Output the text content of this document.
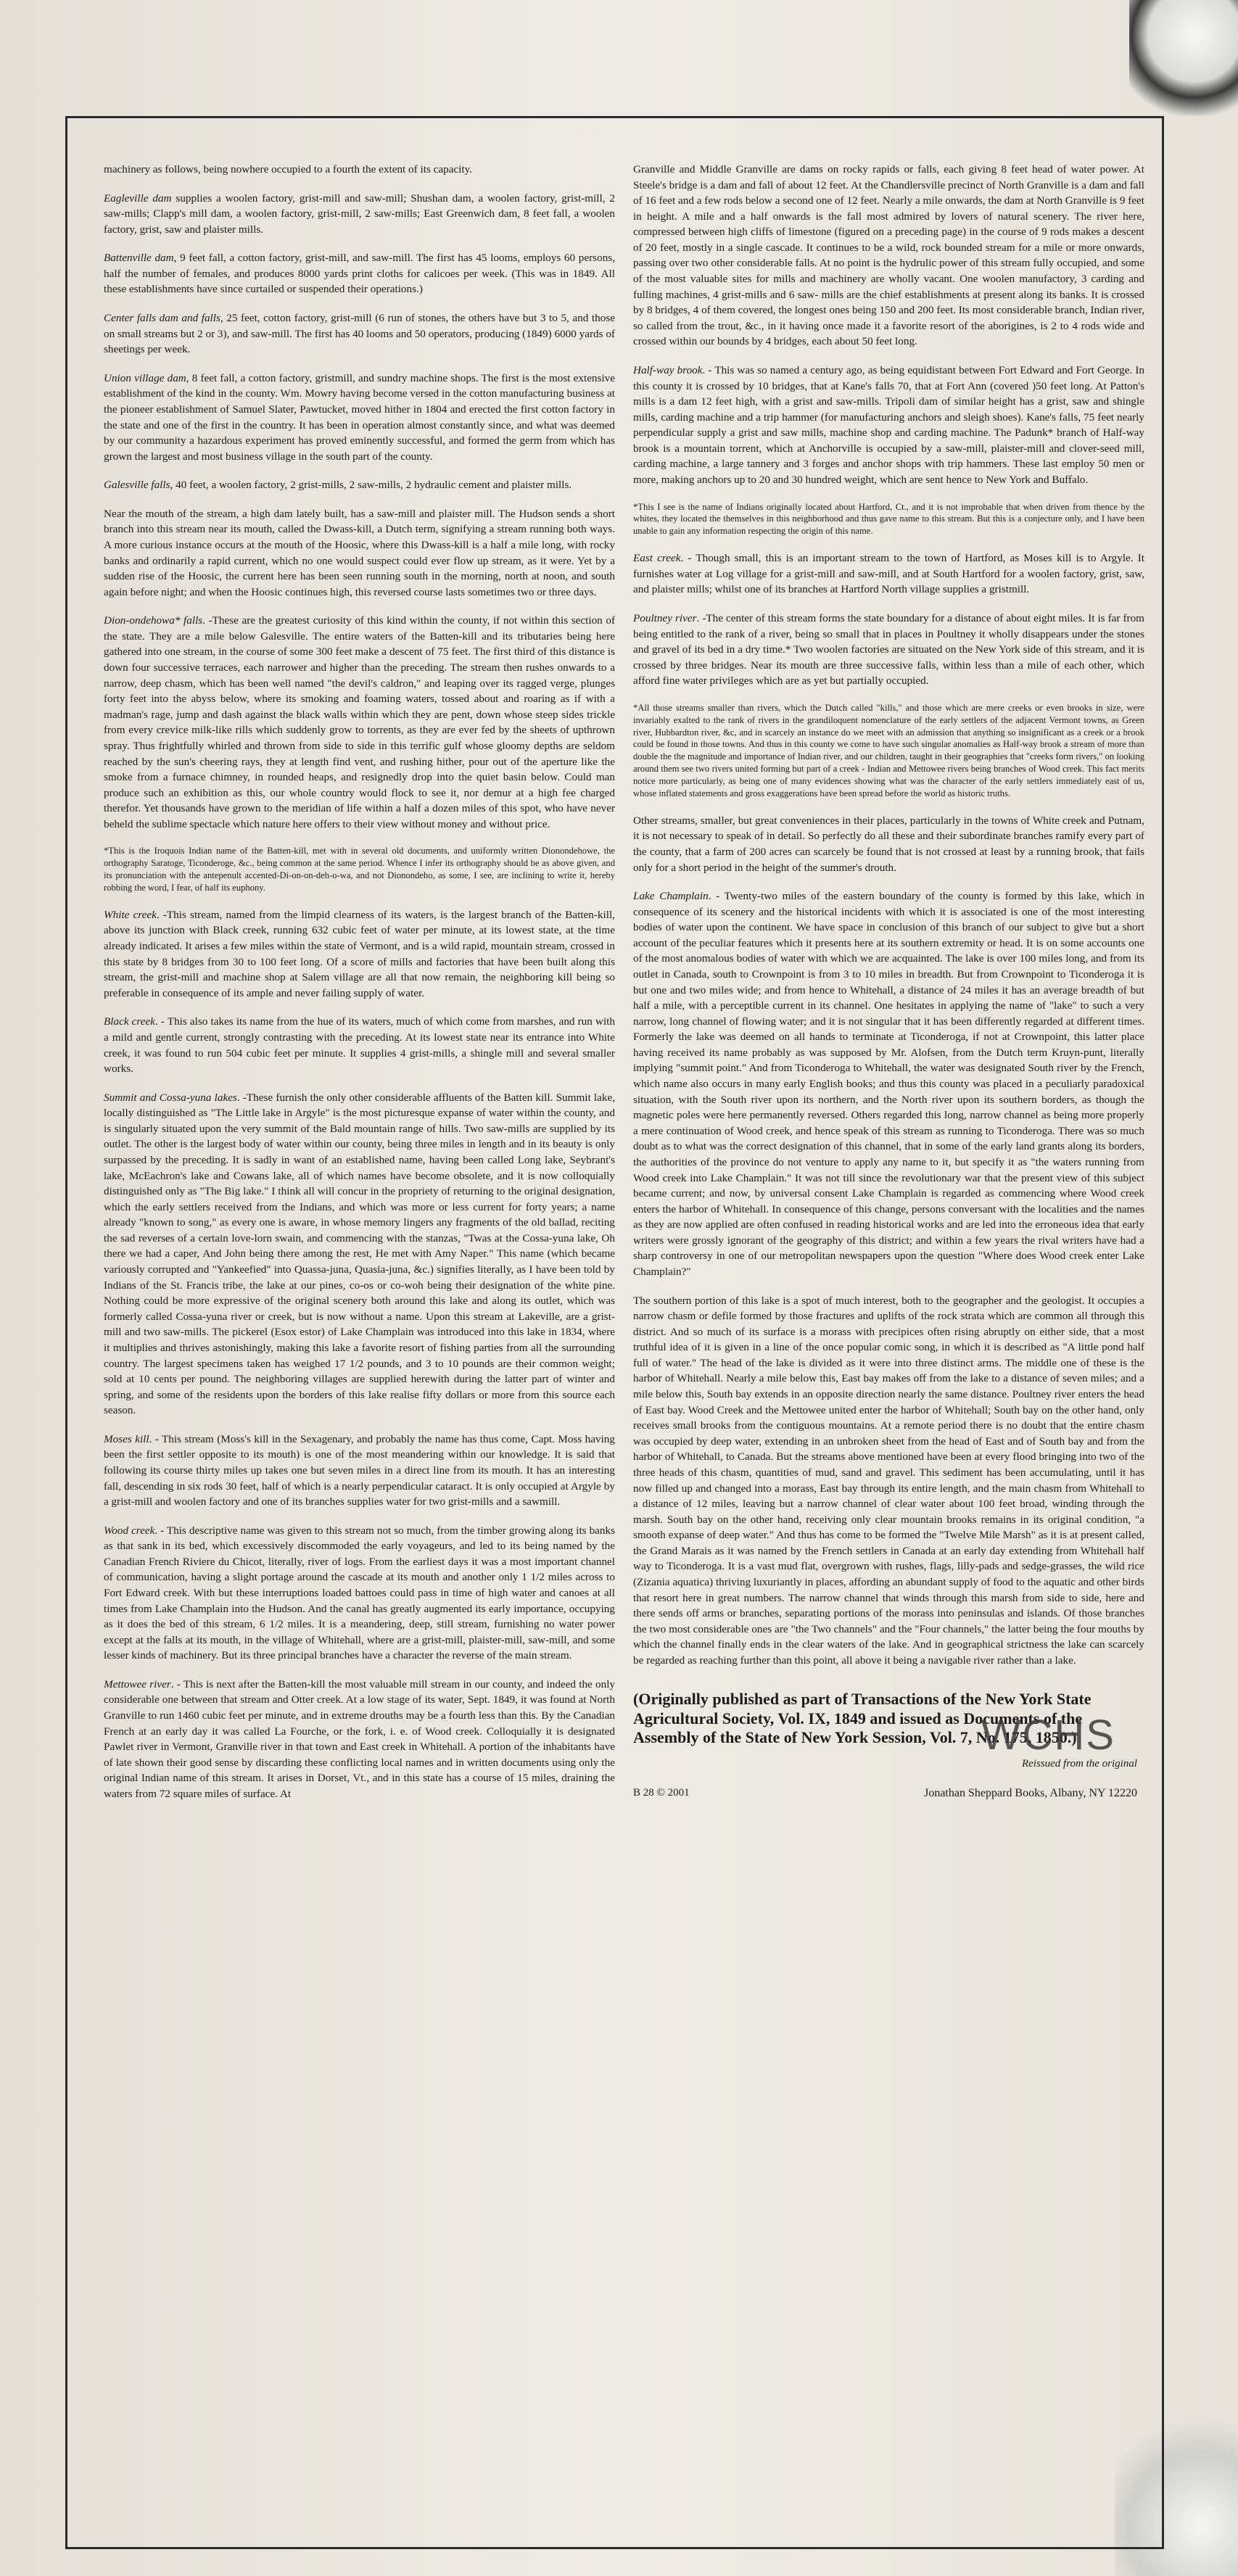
machinery as follows, being nowhere occupied to a fourth the extent of its capacity.

Eagleville dam supplies a woolen factory, grist-mill and saw-mill; Shushan dam, a woolen factory, grist-mill, 2 saw-mills; Clapp's mill dam, a woolen factory, grist-mill, 2 saw-mills; East Greenwich dam, 8 feet fall, a woolen factory, grist, saw and plaister mills.

Battenville dam, 9 feet fall, a cotton factory, grist-mill, and saw-mill. The first has 45 looms, employs 60 persons, half the number of females, and produces 8000 yards print cloths for calicoes per week. (This was in 1849. All these establishments have since curtailed or suspended their operations.)

Center falls dam and falls, 25 feet, cotton factory, grist-mill (6 run of stones, the others have but 3 to 5, and those on small streams but 2 or 3), and saw-mill. The first has 40 looms and 50 operators, producing (1849) 6000 yards of sheetings per week.

Union village dam, 8 feet fall, a cotton factory, gristmill, and sundry machine shops. The first is the most extensive establishment of the kind in the county. Wm. Mowry having become versed in the cotton manufacturing business at the pioneer establishment of Samuel Slater, Pawtucket, moved hither in 1804 and erected the first cotton factory in the state and one of the first in the country. It has been in operation almost constantly since, and what was deemed by our community a hazardous experiment has proved eminently successful, and formed the germ from which has grown the largest and most business village in the south part of the county.

Galesville falls, 40 feet, a woolen factory, 2 grist-mills, 2 saw-mills, 2 hydraulic cement and plaister mills.

Near the mouth of the stream, a high dam lately built, has a saw-mill and plaister mill. The Hudson sends a short branch into this stream near its mouth, called the Dwass-kill, a Dutch term, signifying a stream running both ways. A more curious instance occurs at the mouth of the Hoosic, where this Dwass-kill is a half a mile long, with rocky banks and ordinarily a rapid current, which no one would suspect could ever flow up stream, as it were. Yet by a sudden rise of the Hoosic, the current here has been seen running south in the morning, north at noon, and south again before night; and when the Hoosic continues high, this reversed course lasts sometimes two or three days.

Dion-ondehowa* falls. -These are the greatest curiosity of this kind within the county, if not within this section of the state. They are a mile below Galesville. The entire waters of the Batten-kill and its tributaries being here gathered into one stream, in the course of some 300 feet make a descent of 75 feet. The first third of this distance is down four successive terraces, each narrower and higher than the preceding. The stream then rushes onwards to a narrow, deep chasm, which has been well named "the devil's caldron," and leaping over its ragged verge, plunges forty feet into the abyss below, where its smoking and foaming waters, tossed about and roaring as if with a madman's rage, jump and dash against the black walls within which they are pent, down whose steep sides trickle from every crevice milk-like rills which suddenly grow to torrents, as they are ever fed by the sheets of upthrown spray. Thus frightfully whirled and thrown from side to side in this terrific gulf whose gloomy depths are seldom reached by the sun's cheering rays, they at length find vent, and rushing hither, pour out of the aperture like the smoke from a furnace chimney, in rounded heaps, and resignedly drop into the quiet basin below. Could man produce such an exhibition as this, our whole country would flock to see it, nor demur at a high fee charged therefor. Yet thousands have grown to the meridian of life within a half a dozen miles of this spot, who have never beheld the sublime spectacle which nature here offers to their view without money and without price.

*This is the Iroquois Indian name of the Batten-kill, met with in several old documents, and uniformly written Dionondehowe, the orthography Saratoge, Ticonderoge, &c., being common at the same period. Whence I infer its orthography should be as above given, and its pronunciation with the antepenult accented-Di-on-on-deh-o-wa, and not Dionondeho, as some, I see, are inclining to write it, hereby robbing the word, I fear, of half its euphony.

White creek. -This stream, named from the limpid clearness of its waters, is the largest branch of the Batten-kill, above its junction with Black creek, running 632 cubic feet of water per minute, at its lowest state, at the time already indicated. It arises a few miles within the state of Vermont, and is a wild rapid, mountain stream, crossed in this state by 8 bridges from 30 to 100 feet long. Of a score of mills and factories that have been built along this stream, the grist-mill and machine shop at Salem village are all that now remain, the neighboring kill being so preferable in consequence of its ample and never failing supply of water.

Black creek. - This also takes its name from the hue of its waters, much of which come from marshes, and run with a mild and gentle current, strongly contrasting with the preceding. At its lowest state near its entrance into White creek, it was found to run 504 cubic feet per minute. It supplies 4 grist-mills, a shingle mill and several smaller works.

Summit and Cossa-yuna lakes. -These furnish the only other considerable affluents of the Batten kill. Summit lake, locally distinguished as "The Little lake in Argyle" is the most picturesque expanse of water within the county, and is singularly situated upon the very summit of the Bald mountain range of hills. Two saw-mills are supplied by its outlet. The other is the largest body of water within our county, being three miles in length and in its beauty is only surpassed by the preceding. It is sadly in want of an established name, having been called Long lake, Seybrant's lake, McEachron's lake and Cowans lake, all of which names have become obsolete, and it is now colloquially distinguished only as "The Big lake." I think all will concur in the propriety of returning to the original designation, which the early settlers received from the Indians, and which was more or less current for forty years; a name already "known to song," as every one is aware, in whose memory lingers any fragments of the old ballad, reciting the sad reverses of a certain love-lorn swain, and commencing with the stanzas, "Twas at the Cossa-yuna lake, Oh there we had a caper, And John being there among the rest, He met with Amy Naper." This name (which became variously corrupted and "Yankeefied" into Quassa-juna, Quasia-juna, &c.) signifies literally, as I have been told by Indians of the St. Francis tribe, the lake at our pines, co-os or co-woh being their designation of the white pine. Nothing could be more expressive of the original scenery both around this lake and along its outlet, which was formerly called Cossa-yuna river or creek, but is now without a name. Upon this stream at Lakeville, are a grist-mill and two saw-mills. The pickerel (Esox estor) of Lake Champlain was introduced into this lake in 1834, where it multiplies and thrives astonishingly, making this lake a favorite resort of fishing parties from all the surrounding country. The largest specimens taken has weighed 17 1/2 pounds, and 3 to 10 pounds are their common weight; sold at 10 cents per pound. The neighboring villages are supplied herewith during the latter part of winter and spring, and some of the residents upon the borders of this lake realise fifty dollars or more from this source each season.

Moses kill. - This stream (Moss's kill in the Sexagenary, and probably the name has thus come, Capt. Moss having been the first settler opposite to its mouth) is one of the most meandering within our knowledge. It is said that following its course thirty miles up takes one but seven miles in a direct line from its mouth. It has an interesting fall, descending in six rods 30 feet, half of which is a nearly perpendicular cataract. It is only occupied at Argyle by a grist-mill and woolen factory and one of its branches supplies water for two grist-mills and a sawmill.

Wood creek. - This descriptive name was given to this stream not so much, from the timber growing along its banks as that sank in its bed, which excessively discommoded the early voyageurs, and led to its being named by the Canadian French Riviere du Chicot, literally, river of logs. From the earliest days it was a most important channel of communication, having a slight portage around the cascade at its mouth and another only 1 1/2 miles across to Fort Edward creek. With but these interruptions loaded battoes could pass in time of high water and canoes at all times from Lake Champlain into the Hudson. And the canal has greatly augmented its early importance, occupying as it does the bed of this stream, 6 1/2 miles. It is a meandering, deep, still stream, furnishing no water power except at the falls at its mouth, in the village of Whitehall, where are a grist-mill, plaister-mill, saw-mill, and some lesser kinds of machinery. But its three principal branches have a character the reverse of the main stream.

Mettowee river. - This is next after the Batten-kill the most valuable mill stream in our county, and indeed the only considerable one between that stream and Otter creek. At a low stage of its water, Sept. 1849, it was found at North Granville to run 1460 cubic feet per minute, and in extreme drouths may be a fourth less than this. By the Canadian French at an early day it was called La Fourche, or the fork, i. e. of Wood creek. Colloquially it is designated Pawlet river in Vermont, Granville river in that town and East creek in Whitehall. A portion of the inhabitants have of late shown their good sense by discarding these conflicting local names and in written documents using only the original Indian name of this stream. It arises in Dorset, Vt., and in this state has a course of 15 miles, draining the waters from 72 square miles of surface. At

Granville and Middle Granville are dams on rocky rapids or falls, each giving 8 feet head of water power. At Steele's bridge is a dam and fall of about 12 feet. At the Chandlersville precinct of North Granville is a dam and fall of 16 feet and a few rods below a second one of 12 feet. Nearly a mile onwards, the dam at North Granville is 9 feet in height. A mile and a half onwards is the fall most admired by lovers of natural scenery. The river here, compressed between high cliffs of limestone (figured on a preceding page) in the course of 9 rods makes a descent of 20 feet, mostly in a single cascade. It continues to be a wild, rock bounded stream for a mile or more onwards, passing over two other considerable falls. At no point is the hydrulic power of this stream fully occupied, and some of the most valuable sites for mills and machinery are wholly vacant. One woolen manufactory, 3 carding and fulling machines, 4 grist-mills and 6 saw- mills are the chief establishments at present along its banks. It is crossed by 8 bridges, 4 of them covered, the longest ones being 150 and 200 feet. Its most considerable branch, Indian river, so called from the trout, &c., in it having once made it a favorite resort of the aborigines, is 2 to 4 rods wide and crossed within our bounds by 4 bridges, each about 50 feet long.

Half-way brook. - This was so named a century ago, as being equidistant between Fort Edward and Fort George. In this county it is crossed by 10 bridges, that at Kane's falls 70, that at Fort Ann (covered )50 feet long. At Patton's mills is a dam 12 feet high, with a grist and saw-mills. Tripoli dam of similar height has a grist, saw and shingle mills, carding machine and a trip hammer (for manufacturing anchors and sleigh shoes). Kane's falls, 75 feet nearly perpendicular supply a grist and saw mills, machine shop and carding machine. The Padunk* branch of Half-way brook is a mountain torrent, which at Anchorville is occupied by a saw-mill, plaister-mill and clover-seed mill, carding machine, a large tannery and 3 forges and anchor shops with trip hammers. These last employ 50 men or more, making anchors up to 20 and 30 hundred weight, which are sent hence to New York and Buffalo.

*This I see is the name of Indians originally located about Hartford, Ct., and it is not improbable that when driven from thence by the whites, they located the themselves in this neighborhood and thus gave name to this stream. But this is a conjecture only, and I have been unable to gain any information respecting the origin of this name.

East creek. - Though small, this is an important stream to the town of Hartford, as Moses kill is to Argyle. It furnishes water at Log village for a grist-mill and saw-mill, and at South Hartford for a woolen factory, grist, saw, and plaister mills; whilst one of its branches at Hartford North village supplies a gristmill.

Poultney river. -The center of this stream forms the state boundary for a distance of about eight miles. It is far from being entitled to the rank of a river, being so small that in places in Poultney it wholly disappears under the stones and gravel of its bed in a dry time.* Two woolen factories are situated on the New York side of this stream, and it is crossed by three bridges. Near its mouth are three successive falls, within less than a mile of each other, which afford fine water privileges which are as yet but partially occupied.

*All those streams smaller than rivers, which the Dutch called "kills," and those which are mere creeks or even brooks in size, were invariably exalted to the rank of rivers in the grandiloquent nomenclature of the early settlers of the adjacent Vermont towns, as Green river, Hubbardton river, &c, and in scarcely an instance do we meet with an admission that anything so insignificant as a creek or a brook could be found in those towns. And thus in this county we come to have such singular anomalies as Half-way brook a stream of more than double the the magnitude and importance of Indian river, and our children, taught in their geographies that "creeks form rivers," on looking around them see two rivers united forming but part of a creek - Indian and Mettowee rivers being branches of Wood creek. This fact merits notice more particularly, as being one of many evidences showing what was the character of the early settlers immediately east of us, whose inflated statements and gross exaggerations have been spread before the world as historic truths.

Other streams, smaller, but great conveniences in their places, particularly in the towns of White creek and Putnam, it is not necessary to speak of in detail. So perfectly do all these and their subordinate branches ramify every part of the county, that a farm of 200 acres can scarcely be found that is not crossed at least by a running brook, that fails only for a short period in the height of the summer's drouth.

Lake Champlain. - Twenty-two miles of the eastern boundary of the county is formed by this lake, which in consequence of its scenery and the historical incidents with which it is associated is one of the most interesting bodies of water upon the continent. We have space in conclusion of this branch of our subject to give but a short account of the peculiar features which it presents here at its southern extremity or head. It is on some accounts one of the most anomalous bodies of water with which we are acquainted. The lake is over 100 miles long, and from its outlet in Canada, south to Crownpoint is from 3 to 10 miles in breadth. But from Crownpoint to Ticonderoga it is but one and two miles wide; and from hence to Whitehall, a distance of 24 miles it has an average breadth of but half a mile, with a perceptible current in its channel. One hesitates in applying the name of "lake" to such a very narrow, long channel of flowing water; and it is not singular that it has been differently regarded at different times. Formerly the lake was deemed on all hands to terminate at Ticonderoga, if not at Crownpoint, this latter place having received its name probably as was supposed by Mr. Alofsen, from the Dutch term Kruyn-punt, literally implying "summit point." And from Ticonderoga to Whitehall, the water was designated South river by the French, which name also occurs in many early English books; and thus this county was placed in a peculiarly paradoxical situation, with the South river upon its northern, and the North river upon its southern borders, as though the magnetic poles were here permanently reversed. Others regarded this long, narrow channel as being more properly a mere continuation of Wood creek, and hence speak of this stream as running to Ticonderoga. There was so much doubt as to what was the correct designation of this channel, that in some of the early land grants along its borders, the authorities of the province do not venture to apply any name to it, but specify it as "the waters running from Wood creek into Lake Champlain." It was not till since the revolutionary war that the present view of this subject became current; and now, by universal consent Lake Champlain is regarded as commencing where Wood creek enters the harbor of Whitehall. In consequence of this change, persons conversant with the localities and the names as they are now applied are often confused in reading historical works and are led into the erroneous idea that early writers were grossly ignorant of the geography of this district; and within a few years the rival writers have had a sharp controversy in one of our metropolitan newspapers upon the question "Where does Wood creek enter Lake Champlain?"

The southern portion of this lake is a spot of much interest, both to the geographer and the geologist. It occupies a narrow chasm or defile formed by those fractures and uplifts of the rock strata which are common all through this district. And so much of its surface is a morass with precipices often rising abruptly on either side, that a most truthful idea of it is given in a line of the once popular comic song, in which it is described as "A little pond half full of water." The head of the lake is divided as it were into three distinct arms. The middle one of these is the harbor of Whitehall. Nearly a mile below this, East bay makes off from the lake to a distance of seven miles; and a mile below this, South bay extends in an opposite direction nearly the same distance. Poultney river enters the head of East bay. Wood Creek and the Mettowee united enter the harbor of Whitehall; South bay on the other hand, only receives small brooks from the contiguous mountains. At a remote period there is no doubt that the entire chasm was occupied by deep water, extending in an unbroken sheet from the head of East and of South bay and from the harbor of Whitehall, to Canada. But the streams above mentioned have been at every flood bringing into two of the three heads of this chasm, quantities of mud, sand and gravel. This sediment has been accumulating, until it has now filled up and changed into a morass, East bay through its entire length, and the main chasm from Whitehall to a distance of 12 miles, leaving but a narrow channel of clear water about 100 feet broad, winding through the marsh. South bay on the other hand, receiving only clear mountain brooks remains in its original condition, "a smooth expanse of deep water." And thus has come to be formed the "Twelve Mile Marsh" as it is at present called, the Grand Marais as it was named by the French settlers in Canada at an early day extending from Whitehall half way to Ticonderoga. It is a vast mud flat, overgrown with rushes, flags, lilly-pads and sedge-grasses, the wild rice (Zizania aquatica) thriving luxuriantly in places, affording an abundant supply of food to the aquatic and other birds that resort here in great numbers. The narrow channel that winds through this marsh from side to side, here and there sends off arms or branches, separating portions of the morass into peninsulas and islands. Of those branches the two most considerable ones are "the Two channels" and the "Four channels," the latter being the four mouths by which the channel finally ends in the clear waters of the lake. And in geographical strictness the lake can scarcely be regarded as reaching further than this point, all above it being a navigable river rather than a lake.

(Originally published as part of Transactions of the New York State Agricultural Society, Vol. IX, 1849 and issued as Documents of the Assembly of the State of New York Session, Vol. 7, No. 175, 1850.)
WCHS
Reissued from the original
B 28 © 2001	Jonathan Sheppard Books, Albany, NY 12220
